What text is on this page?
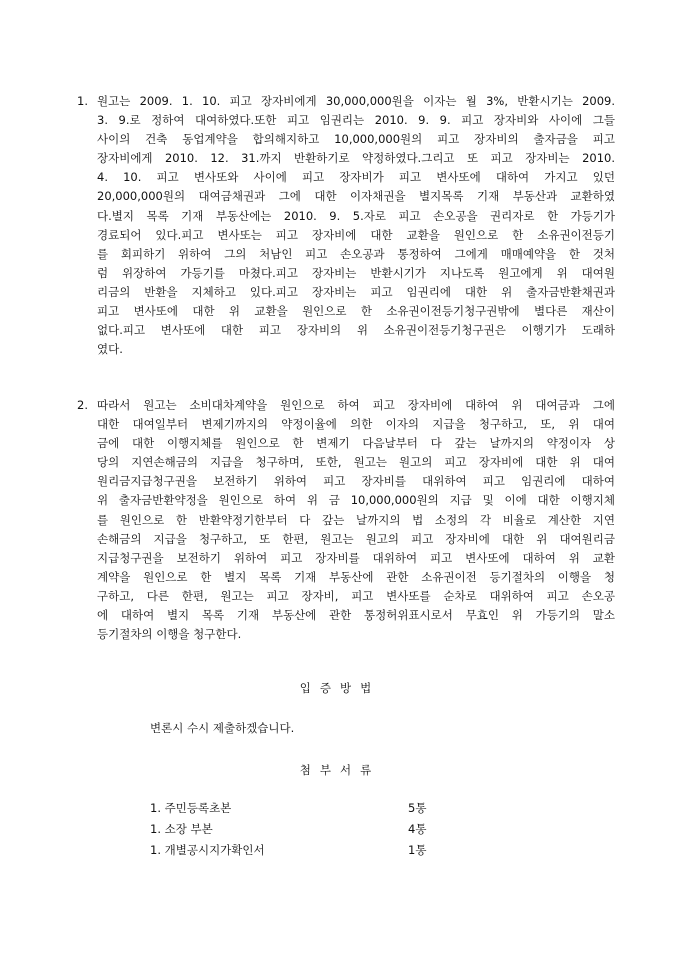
1. 원고는 2009. 1. 10. 피고 장자비에게 30,000,000원을 이자는 월 3%, 반환시기는 2009.
3. 9.로 정하여 대여하였다.또한 피고 임권리는 2010. 9. 9. 피고 장자비와 사이에 그들
사이의 건축 동업계약을 합의해지하고 10,000,000원의 피고 장자비의 출자금을 피고
장자비에게 2010. 12. 31.까지 반환하기로 약정하였다.그리고 또 피고 장자비는 2010.
4. 10. 피고 변사또와 사이에 피고 장자비가 피고 변사또에 대하여 가지고 있던
20,000,000원의 대여금채권과 그에 대한 이자채권을 별지목록 기재 부동산과 교환하였
다.별지 목록 기재 부동산에는 2010. 9. 5.자로 피고 손오공을 권리자로 한 가등기가
경료되어 있다.피고 변사또는 피고 장자비에 대한 교환을 원인으로 한 소유권이전등기
를 회피하기 위하여 그의 처남인 피고 손오공과 통정하여 그에게 매매예약을 한 것처
럼 위장하여 가등기를 마쳤다.피고 장자비는 반환시기가 지나도록 원고에게 위 대여원
리금의 반환을 지체하고 있다.피고 장자비는 피고 임권리에 대한 위 출자금반환채권과
피고 변사또에 대한 위 교환을 원인으로 한 소유권이전등기청구권밖에 별다른 재산이
없다.피고 변사또에 대한 피고 장자비의 위 소유권이전등기청구권은 이행기가 도래하
였다.
2. 따라서 원고는 소비대차계약을 원인으로 하여 피고 장자비에 대하여 위 대여금과 그에
대한 대여일부터 변제기까지의 약정이율에 의한 이자의 지급을 청구하고, 또, 위 대여
금에 대한 이행지체를 원인으로 한 변제기 다음날부터 다 갚는 날까지의 약정이자 상
당의 지연손해금의 지급을 청구하며, 또한, 원고는 원고의 피고 장자비에 대한 위 대여
원리금지급청구권을 보전하기 위하여 피고 장자비를 대위하여 피고 임권리에 대하여
위 출자금반환약정을 원인으로 하여 위 금 10,000,000원의 지급 및 이에 대한 이행지체
를 원인으로 한 반환약정기한부터 다 갚는 날까지의 법 소정의 각 비율로 계산한 지연
손해금의 지급을 청구하고, 또 한편, 원고는 원고의 피고 장자비에 대한 위 대여원리금
지급청구권을 보전하기 위하여 피고 장자비를 대위하여 피고 변사또에 대하여 위 교환
계약을 원인으로 한 별지 목록 기재 부동산에 관한 소유권이전 등기절차의 이행을 청
구하고, 다른 한편, 원고는 피고 장자비, 피고 변사또를 순차로 대위하여 피고 손오공
에 대하여 별지 목록 기재 부동산에 관한 통정허위표시로서 무효인 위 가등기의 말소
등기절차의 이행을 청구한다.
입증방법
변론시 수시 제출하겠습니다.
첨부서류
1. 주민등록초본	5통
1. 소장 부본	4통
1. 개별공시지가확인서	1통
